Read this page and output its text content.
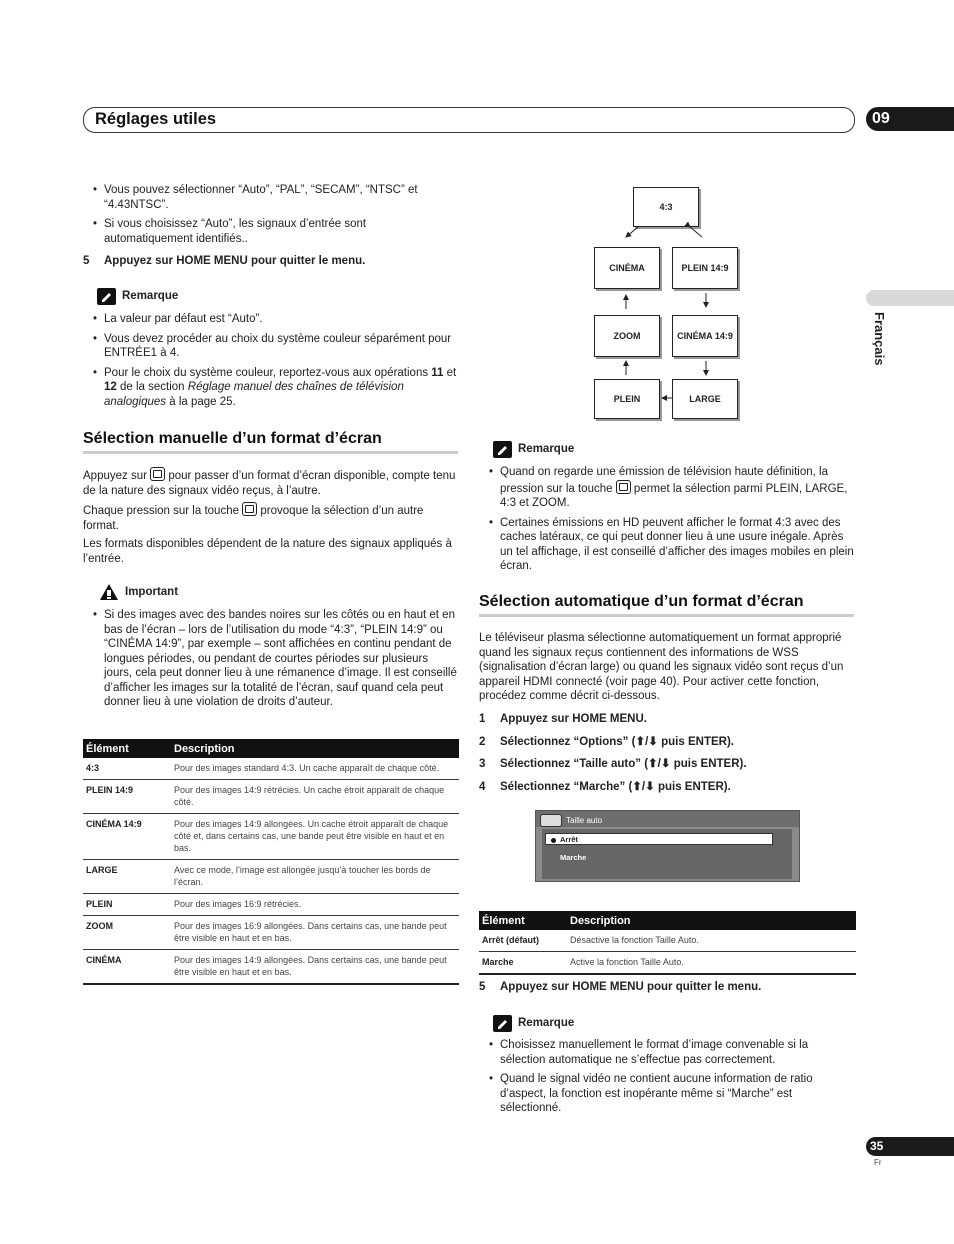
Réglages utiles	09
Français

• Vous pouvez sélectionner “Auto”, “PAL”, “SECAM”, “NTSC” et “4.43NTSC”.

• Si vous choisissez “Auto”, les signaux d’entrée sont automatiquement identifiés..

5 Appuyez sur HOME MENU pour quitter le menu.
Remarque

• La valeur par défaut est “Auto”.

• Vous devez procéder au choix du système couleur séparément pour ENTRÉE1 à 4.

• Pour le choix du système couleur, reportez-vous aux opérations 11 et 12 de la section Réglage manuel des chaînes de télévision analogiques à la page 25.

Sélection manuelle d’un format d’écran

Appuyez sur pour passer d’un format d’écran disponible, compte tenu de la nature des signaux vidéo reçus, à l’autre.

Chaque pression sur la touche provoque la sélection d’un autre format.

Les formats disponibles dépendent de la nature des signaux appliqués à l’entrée.

Important

• Si des images avec des bandes noires sur les côtés ou en haut et en bas de l’écran – lors de l’utilisation du mode “4:3”, “PLEIN 14:9” ou “CINÉMA 14:9”, par exemple – sont affichées en continu pendant de longues périodes, ou pendant de courtes périodes sur plusieurs jours, cela peut donner lieu à une rémanence d’image. Il est conseillé d’afficher les images sur la totalité de l’écran, sauf quand cela peut donner lieu à une violation de droits d’auteur.

Élément	Description
4:3	Pour des images standard 4:3. Un cache apparaît de chaque côté.
PLEIN 14:9	Pour des images 14:9 rétrécies. Un cache étroit apparaît de chaque côté.
CINÉMA 14:9	Pour des images 14:9 allongées. Un cache étroit apparaît de chaque côté et, dans certains cas, une bande peut être visible en haut et en bas.
LARGE	Avec ce mode, l’image est allongée jusqu’à toucher les bords de l’écran.
PLEIN	Pour des images 16:9 rétrécies.
ZOOM	Pour des images 16:9 allongées. Dans certains cas, une bande peut être visible en haut et en bas.
CINÉMA	Pour des images 14:9 allongées. Dans certains cas, une bande peut être visible en haut et en bas.
4:3
CINÉMA	PLEIN 14:9
ZOOM	CINÉMA 14:9
PLEIN	LARGE
Remarque

• Quand on regarde une émission de télévision haute définition, la pression sur la touche permet la sélection parmi PLEIN, LARGE, 4:3 et ZOOM.

• Certaines émissions en HD peuvent afficher le format 4:3 avec des caches latéraux, ce qui peut donner lieu à une usure inégale. Après un tel affichage, il est conseillé d’afficher des images mobiles en plein écran.

Sélection automatique d’un format d’écran
Le téléviseur plasma sélectionne automatiquement un format approprié quand les signaux reçus contiennent des informations de WSS (signalisation d’écran large) ou quand les signaux vidéo sont reçus d’un appareil HDMI connecté (voir page 40). Pour activer cette fonction, procédez comme décrit ci-dessous.

1 Appuyez sur HOME MENU.

2 Sélectionnez “Options” (⬆/⬇ puis ENTER).

3 Sélectionnez “Taille auto” (⬆/⬇ puis ENTER).

4 Sélectionnez “Marche” (⬆/⬇ puis ENTER).

Taille auto
Arrêt
Marche
Élément	Description
Arrêt (défaut)	Désactive la fonction Taille Auto.
Marche	Active la fonction Taille Auto.
5 Appuyez sur HOME MENU pour quitter le menu.
Remarque

• Choisissez manuellement le format d’image convenable si la sélection automatique ne s’effectue pas correctement.

• Quand le signal vidéo ne contient aucune information de ratio d’aspect, la fonction est inopérante même si “Marche” est sélectionné.

35
Fr
